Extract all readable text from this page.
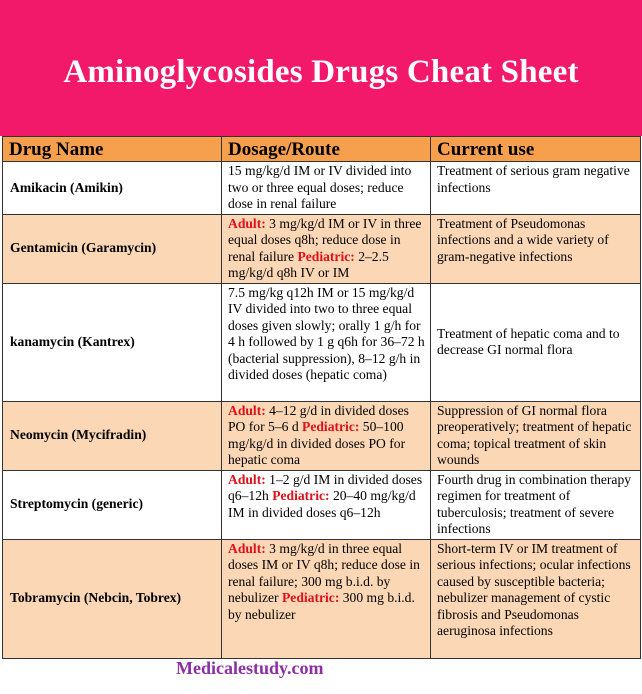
Aminoglycosides Drugs Cheat Sheet
Drug Name	Dosage/Route	Current use
Amikacin (Amikin)	15 mg/kg/d IM or IV divided into two or three equal doses; reduce dose in renal failure	Treatment of serious gram negative infections
Gentamicin (Garamycin)	Adult: 3 mg/kg/d IM or IV in three equal doses q8h; reduce dose in renal failure Pediatric: 2–2.5 mg/kg/d q8h IV or IM	Treatment of Pseudomonas infections and a wide variety of gram-negative infections
kanamycin (Kantrex)	7.5 mg/kg q12h IM or 15 mg/kg/d IV divided into two to three equal doses given slowly; orally 1 g/h for 4 h followed by 1 g q6h for 36–72 h (bacterial suppression), 8–12 g/h in divided doses (hepatic coma)	Treatment of hepatic coma and to decrease GI normal flora
Neomycin (Mycifradin)	Adult: 4–12 g/d in divided doses PO for 5–6 d Pediatric: 50–100 mg/kg/d in divided doses PO for hepatic coma	Suppression of GI normal flora preoperatively; treatment of hepatic coma; topical treatment of skin wounds
Streptomycin (generic)	Adult: 1–2 g/d IM in divided doses q6–12h Pediatric: 20–40 mg/kg/d IM in divided doses q6–12h	Fourth drug in combination therapy regimen for treatment of tuberculosis; treatment of severe infections
Tobramycin (Nebcin, Tobrex)	Adult: 3 mg/kg/d in three equal doses IM or IV q8h; reduce dose in renal failure; 300 mg b.i.d. by nebulizer Pediatric: 300 mg b.i.d. by nebulizer	Short-term IV or IM treatment of serious infections; ocular infections caused by susceptible bacteria; nebulizer management of cystic fibrosis and Pseudomonas aeruginosa infections
Medicalestudy.com
